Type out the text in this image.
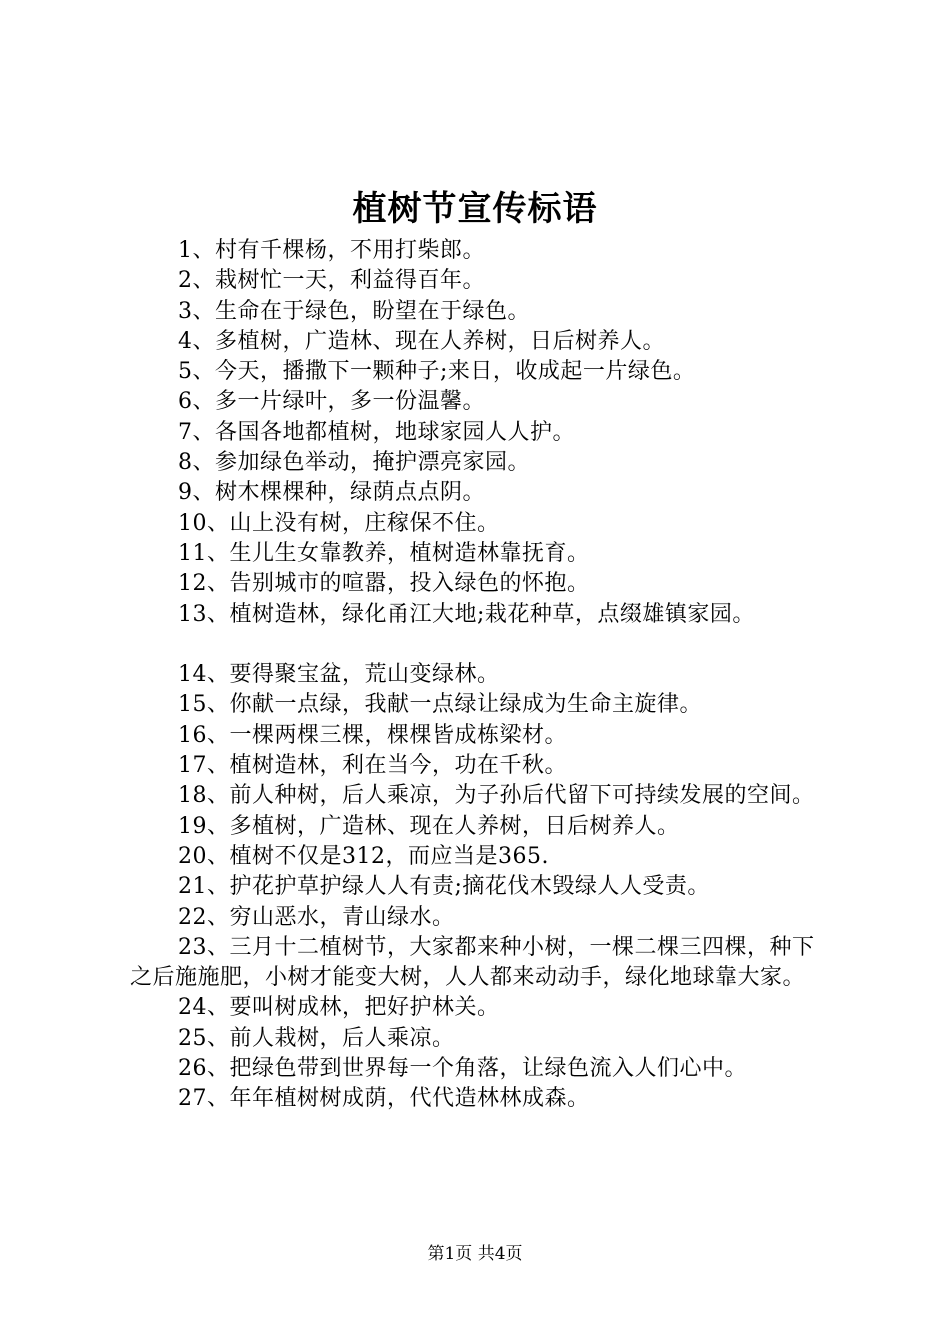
植树节宣传标语

1、村有千棵杨，不用打柴郎。

2、栽树忙一天，利益得百年。

3、生命在于绿色，盼望在于绿色。

4、多植树，广造林、现在人养树，日后树养人。

5、今天，播撒下一颗种子;来日，收成起一片绿色。

6、多一片绿叶，多一份温馨。

7、各国各地都植树，地球家园人人护。

8、参加绿色举动，掩护漂亮家园。

9、树木棵棵种，绿荫点点阴。

10、山上没有树，庄稼保不住。

11、生儿生女靠教养，植树造林靠抚育。

12、告别城市的喧嚣，投入绿色的怀抱。

13、植树造林，绿化甬江大地;栽花种草，点缀雄镇家园。

14、要得聚宝盆，荒山变绿林。

15、你献一点绿，我献一点绿让绿成为生命主旋律。

16、一棵两棵三棵，棵棵皆成栋梁材。

17、植树造林，利在当今，功在千秋。

18、前人种树，后人乘凉，为子孙后代留下可持续发展的空间。

19、多植树，广造林、现在人养树，日后树养人。

20、植树不仅是312，而应当是365.

21、护花护草护绿人人有责;摘花伐木毁绿人人受责。

22、穷山恶水，青山绿水。

23、三月十二植树节，大家都来种小树，一棵二棵三四棵，种下之后施施肥，小树才能变大树，人人都来动动手，绿化地球靠大家。

24、要叫树成林，把好护林关。

25、前人栽树，后人乘凉。

26、把绿色带到世界每一个角落，让绿色流入人们心中。

27、年年植树树成荫，代代造林林成森。

第1页 共4页
